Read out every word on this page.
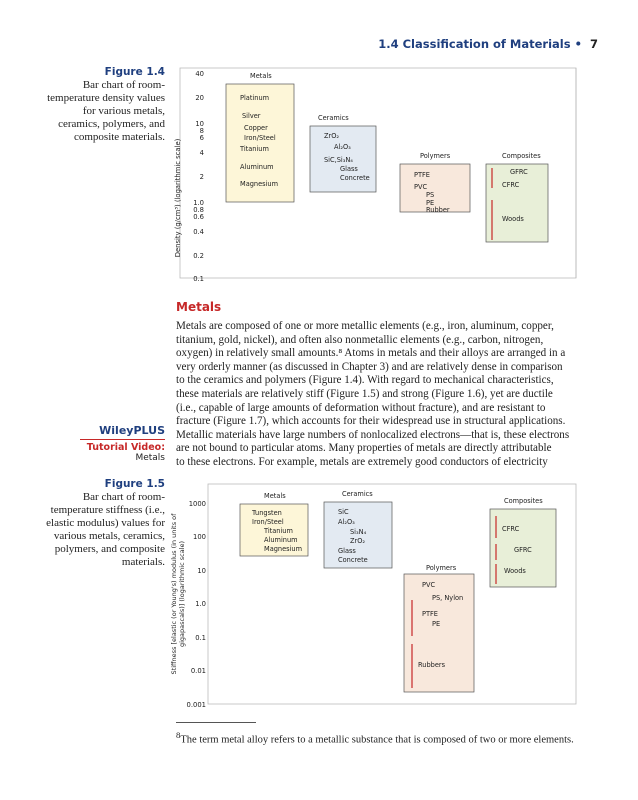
1.4 Classification of Materials • 7
Figure 1.4
Bar chart of room-temperature density values for various metals, ceramics, polymers, and composite materials.
40
20
10
8
6
4
2
1.0
0.8
0.6
0.4
0.2
0.1
Density (g/cm³) (logarithmic scale)
Metals
Platinum
Silver
Copper
Iron/Steel
Titanium
Aluminum
Magnesium
Ceramics
ZrO₂
Al₂O₃
SiC,Si₃N₄
Glass
Concrete
Polymers
PTFE
PVC
PS
PE
Rubber
Composites
GFRC
CFRC
Woods
Metals
Metals are composed of one or more metallic elements (e.g., iron, aluminum, copper,
titanium, gold, nickel), and often also nonmetallic elements (e.g., carbon, nitrogen,
oxygen) in relatively small amounts.⁸ Atoms in metals and their alloys are arranged in a
very orderly manner (as discussed in Chapter 3) and are relatively dense in comparison
to the ceramics and polymers (Figure 1.4). With regard to mechanical characteristics,
these materials are relatively stiff (Figure 1.5) and strong (Figure 1.6), yet are ductile
(i.e., capable of large amounts of deformation without fracture), and are resistant to
fracture (Figure 1.7), which accounts for their widespread use in structural applications.
Metallic materials have large numbers of nonlocalized electrons—that is, these electrons
are not bound to particular atoms. Many properties of metals are directly attributable
to these electrons. For example, metals are extremely good conductors of electricity
WileyPLUS
Tutorial Video:
Metals
Figure 1.5
Bar chart of room-temperature stiffness (i.e., elastic modulus) values for various metals, ceramics, polymers, and composite materials.
1000
100
10
1.0
0.1
0.01
0.001
Stiffness [elastic (or Young's) modulus (in units of gigapascals)] (logarithmic scale)
Metals
Tungsten
Iron/Steel
Titanium
Aluminum
Magnesium
Ceramics
SiC
Al₂O₃
Si₃N₄
ZrO₂
Glass
Concrete
Polymers
PVC
PS, Nylon
PTFE
PE
Rubbers
Composites
CFRC
GFRC
Woods
$^8$The term metal alloy refers to a metallic substance that is composed of two or more elements.
